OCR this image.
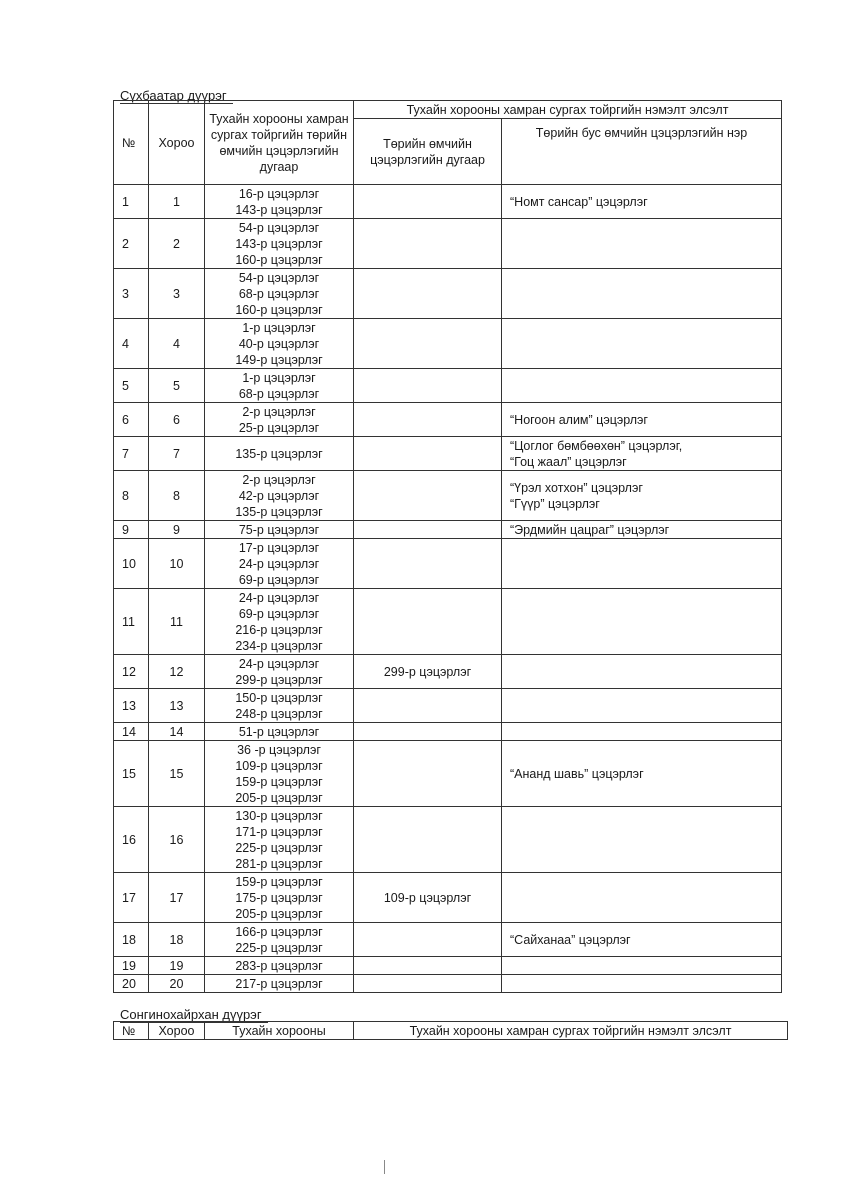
Сүхбаатар дүүрэг
№	Хороо	Тухайн хорооны хамран сургах тойргийн төрийн өмчийн цэцэрлэгийн дугаар	Тухайн хорооны хамран сургах тойргийн нэмэлт элсэлт	
			Төрийн өмчийн цэцэрлэгийн дугаар	Төрийн бус өмчийн цэцэрлэгийн нэр
1	1	16-р цэцэрлэг
143-р цэцэрлэг		“Номт сансар” цэцэрлэг

2	2	54-р цэцэрлэг
143-р цэцэрлэг
160-р цэцэрлэг		

3	3	54-р цэцэрлэг
68-р цэцэрлэг
160-р цэцэрлэг		

4	4	1-р цэцэрлэг
40-р цэцэрлэг
149-р цэцэрлэг		

5	5	1-р цэцэрлэг
68-р цэцэрлэг		

6	6	2-р цэцэрлэг
25-р цэцэрлэг		“Ногоон алим” цэцэрлэг

7	7	135-р цэцэрлэг		“Цоглог бөмбөөхөн” цэцэрлэг,
“Гоц жаал” цэцэрлэг

8	8	2-р цэцэрлэг
42-р цэцэрлэг
135-р цэцэрлэг		“Үрэл хотхон” цэцэрлэг
“Гүүр” цэцэрлэг

9	9	75-р цэцэрлэг		“Эрдмийн цацраг” цэцэрлэг

10	10	17-р цэцэрлэг
24-р цэцэрлэг
69-р цэцэрлэг		

11	11	24-р цэцэрлэг
69-р цэцэрлэг
216-р цэцэрлэг
234-р цэцэрлэг		

12	12	24-р цэцэрлэг
299-р цэцэрлэг	299-р цэцэрлэг	
13	13	150-р цэцэрлэг
248-р цэцэрлэг		

14	14	51-р цэцэрлэг		

15	15	36 -р цэцэрлэг
109-р цэцэрлэг
159-р цэцэрлэг
205-р цэцэрлэг		“Ананд шавь” цэцэрлэг

16	16	130-р цэцэрлэг
171-р цэцэрлэг
225-р цэцэрлэг
281-р цэцэрлэг		

17	17	159-р цэцэрлэг
175-р цэцэрлэг
205-р цэцэрлэг	109-р цэцэрлэг	
18	18	166-р цэцэрлэг
225-р цэцэрлэг		“Сайханаа” цэцэрлэг

19	19	283-р цэцэрлэг		

20	20	217-р цэцэрлэг		

Сонгинохайрхан дүүрэг
№	Хороо	Тухайн хорооны	Тухайн хорооны хамран сургах тойргийн нэмэлт элсэлт
